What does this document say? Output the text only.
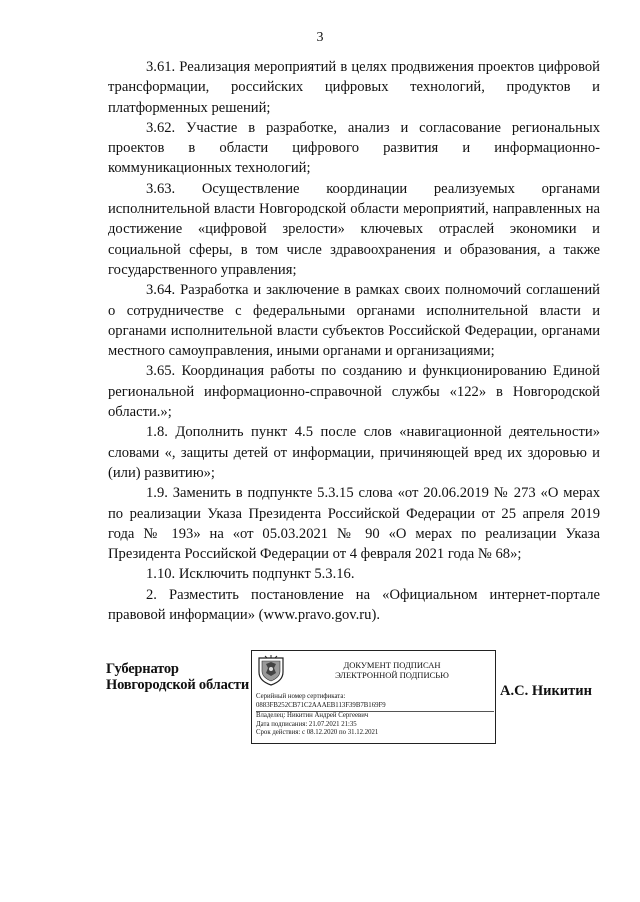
3

3.61. Реализация мероприятий в целях продвижения проектов цифровой трансформации, российских цифровых технологий, продуктов и платформенных решений;

3.62. Участие в разработке, анализ и согласование региональных проектов в области цифрового развития и информационно-коммуникационных технологий;

3.63. Осуществление координации реализуемых органами исполнительной власти Новгородской области мероприятий, направленных на достижение «цифровой зрелости» ключевых отраслей экономики и социальной сферы, в том числе здравоохранения и образования, а также государственного управления;

3.64. Разработка и заключение в рамках своих полномочий соглашений о сотрудничестве с федеральными органами исполнительной власти и органами исполнительной власти субъектов Российской Федерации, органами местного самоуправления, иными органами и организациями;

3.65. Координация работы по созданию и функционированию Единой региональной информационно-справочной службы «122» в Новгородской области.»;

1.8. Дополнить пункт 4.5 после слов «навигационной деятельности» словами «, защиты детей от информации, причиняющей вред их здоровью и (или) развитию»;

1.9. Заменить в подпункте 5.3.15 слова «от 20.06.2019 № 273 «О мерах по реализации Указа Президента Российской Федерации от 25 апреля 2019 года № 193» на «от 05.03.2021 № 90 «О мерах по реализации Указа Президента Российской Федерации от 4 февраля 2021 года № 68»;

1.10. Исключить подпункт 5.3.16.

2. Разместить постановление на «Официальном интернет-портале правовой информации» (www.pravo.gov.ru).

Губернатор
Новгородской области
ДОКУМЕНТ ПОДПИСАН
ЭЛЕКТРОННОЙ ПОДПИСЬЮ
Серийный номер сертификата:
0883FB252CB71C2AAAEB113F39B7B169F9
Владелец: Никитин Андрей Сергеевич
Дата подписания: 21.07.2021 21:35
Срок действия: с 08.12.2020 по 31.12.2021
А.С. Никитин
